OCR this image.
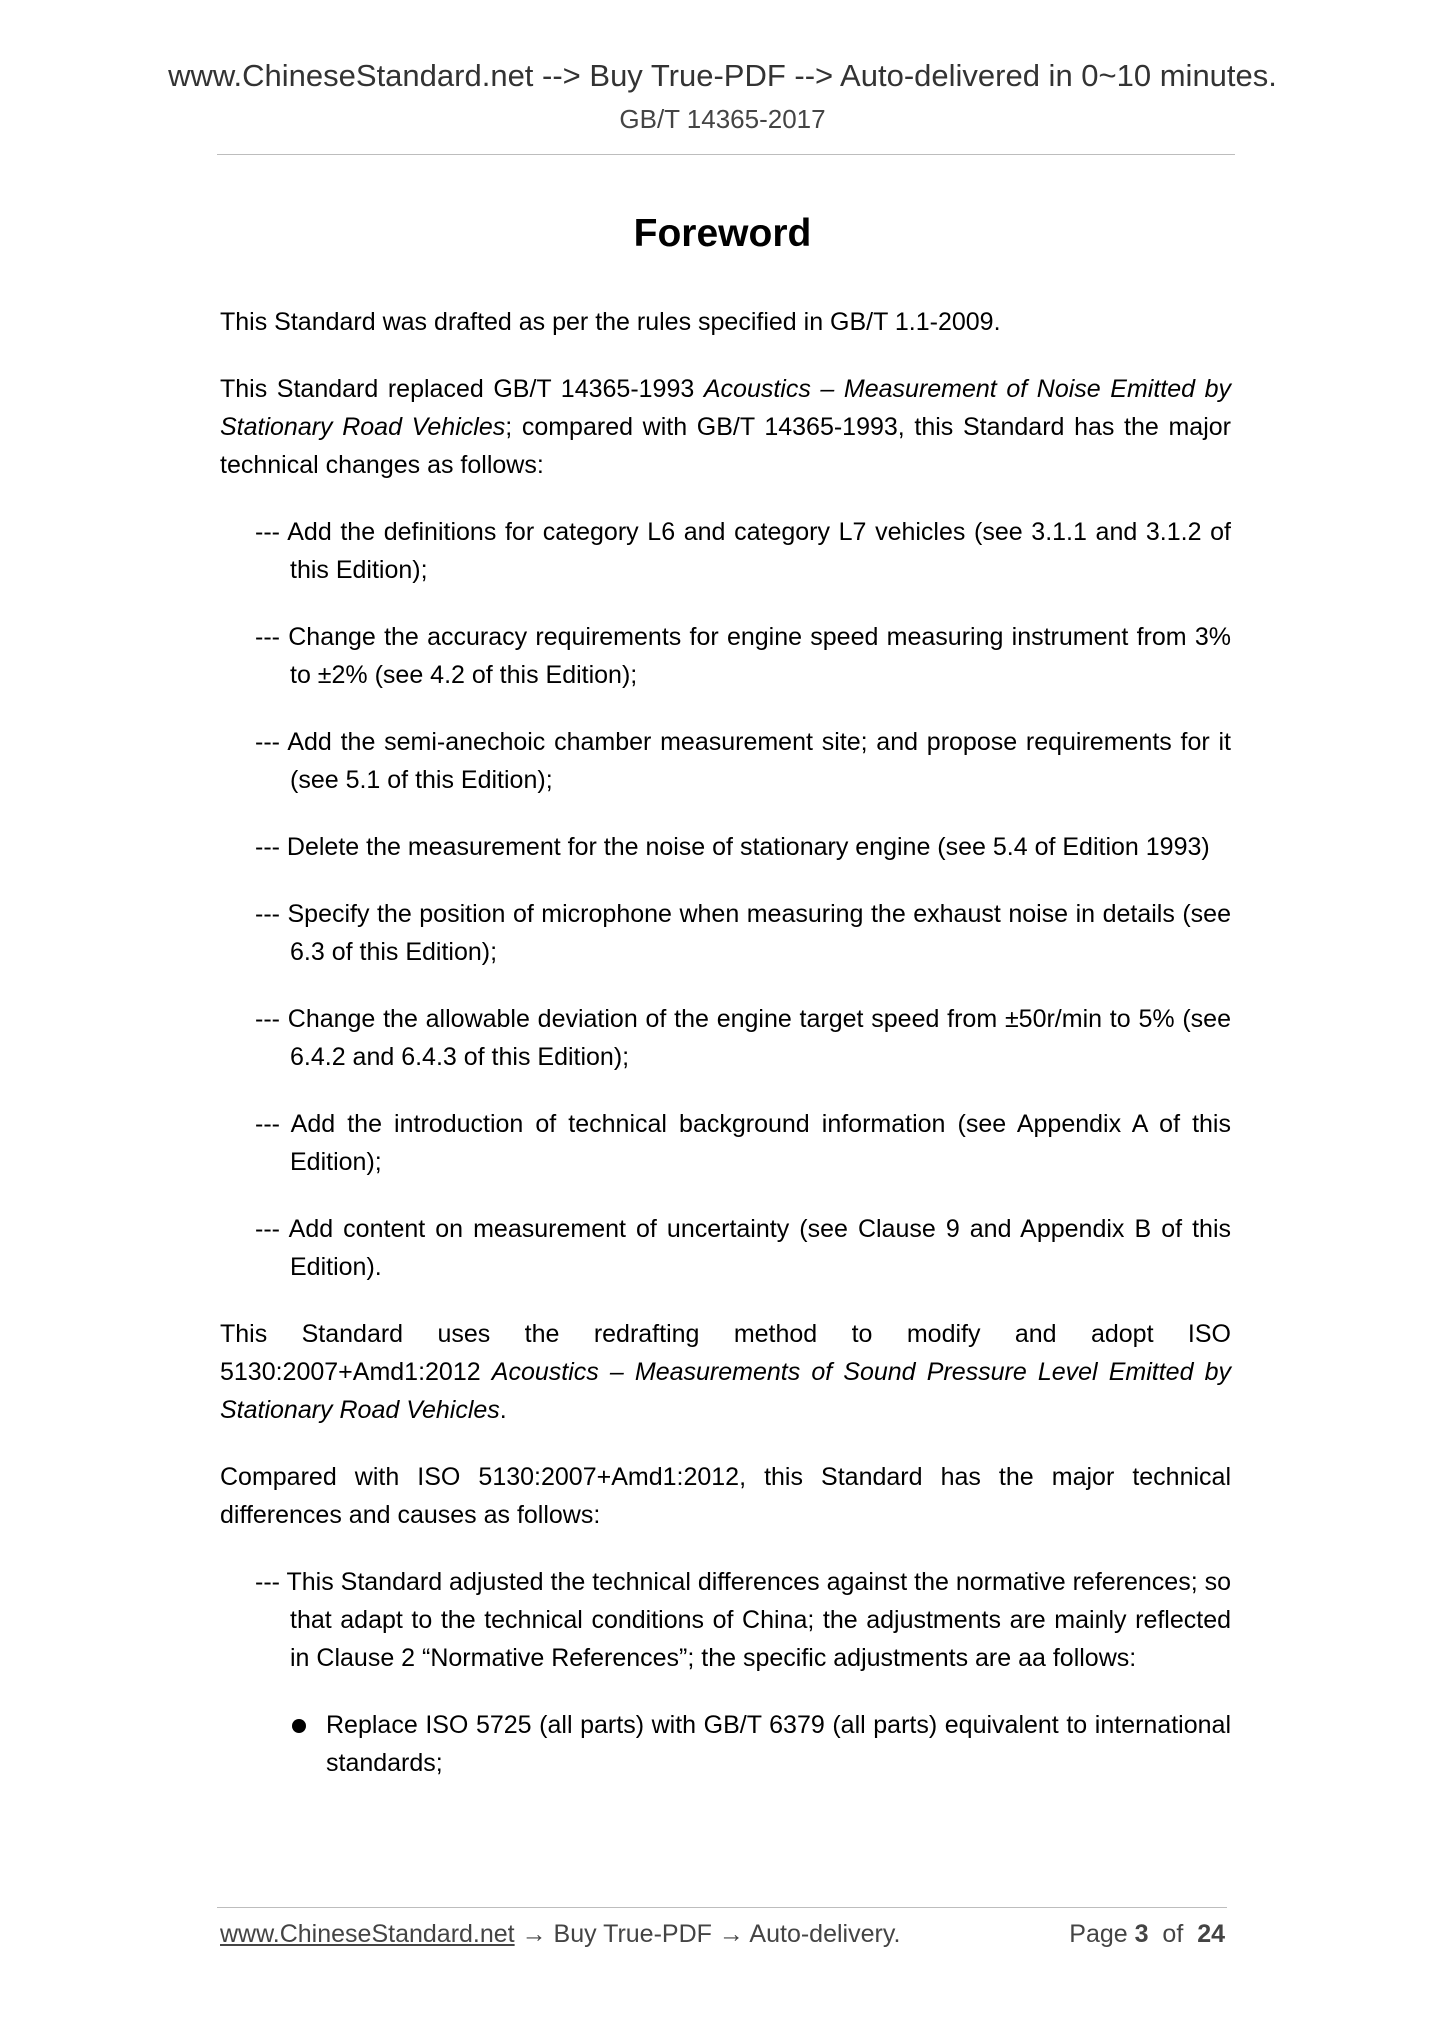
www.ChineseStandard.net --> Buy True-PDF --> Auto-delivered in 0~10 minutes.
GB/T 14365-2017
Foreword

This Standard was drafted as per the rules specified in GB/T 1.1-2009.

This Standard replaced GB/T 14365-1993 Acoustics – Measurement of Noise Emitted by Stationary Road Vehicles; compared with GB/T 14365-1993, this Standard has the major technical changes as follows:

--- Add the definitions for category L6 and category L7 vehicles (see 3.1.1 and 3.1.2 of this Edition);

--- Change the accuracy requirements for engine speed measuring instrument from 3% to ±2% (see 4.2 of this Edition);

--- Add the semi-anechoic chamber measurement site; and propose requirements for it (see 5.1 of this Edition);

--- Delete the measurement for the noise of stationary engine (see 5.4 of Edition 1993)

--- Specify the position of microphone when measuring the exhaust noise in details (see 6.3 of this Edition);

--- Change the allowable deviation of the engine target speed from ±50r/min to 5% (see 6.4.2 and 6.4.3 of this Edition);

--- Add the introduction of technical background information (see Appendix A of this Edition);

--- Add content on measurement of uncertainty (see Clause 9 and Appendix B of this Edition).

This Standard uses the redrafting method to modify and adopt ISO
5130:2007+Amd1:2012 Acoustics – Measurements of Sound Pressure Level Emitted by Stationary Road Vehicles.

Compared with ISO 5130:2007+Amd1:2012, this Standard has the major technical differences and causes as follows:

--- This Standard adjusted the technical differences against the normative references; so that adapt to the technical conditions of China; the adjustments are mainly reflected in Clause 2 “Normative References”; the specific adjustments are aa follows:

Replace ISO 5725 (all parts) with GB/T 6379 (all parts) equivalent to international standards;
www.ChineseStandard.net → Buy True-PDF → Auto-delivery.	Page 3 of 24
